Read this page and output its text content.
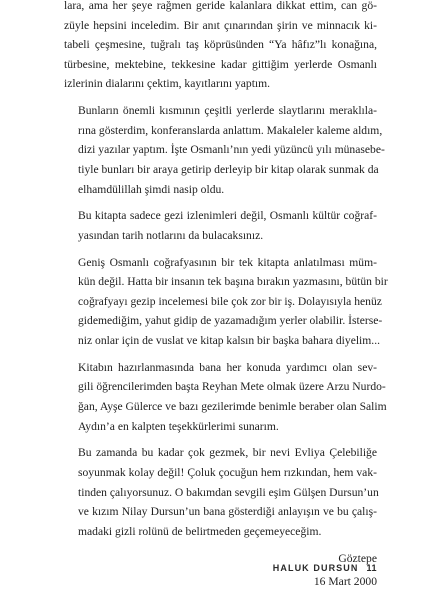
lara, ama her şeye rağmen geride kalanlara dikkat ettim, can gö-
züyle hepsini inceledim. Bir anıt çınarından şirin ve minnacık ki-
tabeli çeşmesine, tuğralı taş köprüsünden “Ya hâfız”lı konağına,
türbesine, mektebine, tekkesine kadar gittiğim yerlerde Osmanlı
izlerinin dialarını çektim, kayıtlarını yaptım.

Bunların önemli kısmının çeşitli yerlerde slaytlarını meraklıla-
rına gösterdim, konferanslarda anlattım. Makaleler kaleme aldım,
dizi yazılar yaptım. İşte Osmanlı’nın yedi yüzüncü yılı münasebe-
tiyle bunları bir araya getirip derleyip bir kitap olarak sunmak da
elhamdülillah şimdi nasip oldu.

Bu kitapta sadece gezi izlenimleri değil, Osmanlı kültür coğraf-
yasından tarih notlarını da bulacaksınız.

Geniş Osmanlı coğrafyasının bir tek kitapta anlatılması müm-
kün değil. Hatta bir insanın tek başına bırakın yazmasını, bütün bir
coğrafyayı gezip incelemesi bile çok zor bir iş. Dolayısıyla henüz
gidemediğim, yahut gidip de yazamadığım yerler olabilir. İsterse-
niz onlar için de vuslat ve kitap kalsın bir başka bahara diyelim...

Kitabın hazırlanmasında bana her konuda yardımcı olan sev-
gili öğrencilerimden başta Reyhan Mete olmak üzere Arzu Nurdo-
ğan, Ayşe Gülerce ve bazı gezilerimde benimle beraber olan Salim
Aydın’a en kalpten teşekkürlerimi sunarım.

Bu zamanda bu kadar çok gezmek, bir nevi Evliya Çelebiliğe
soyunmak kolay değil! Çoluk çocuğun hem rızkından, hem vak-
tinden çalıyorsunuz. O bakımdan sevgili eşim Gülşen Dursun’un
ve kızım Nilay Dursun’un bana gösterdiği anlayışın ve bu çalış-
madaki gizli rolünü de belirtmeden geçemeyeceğim.

Göztepe

16 Mart 2000

HALUK DURSUN 11
